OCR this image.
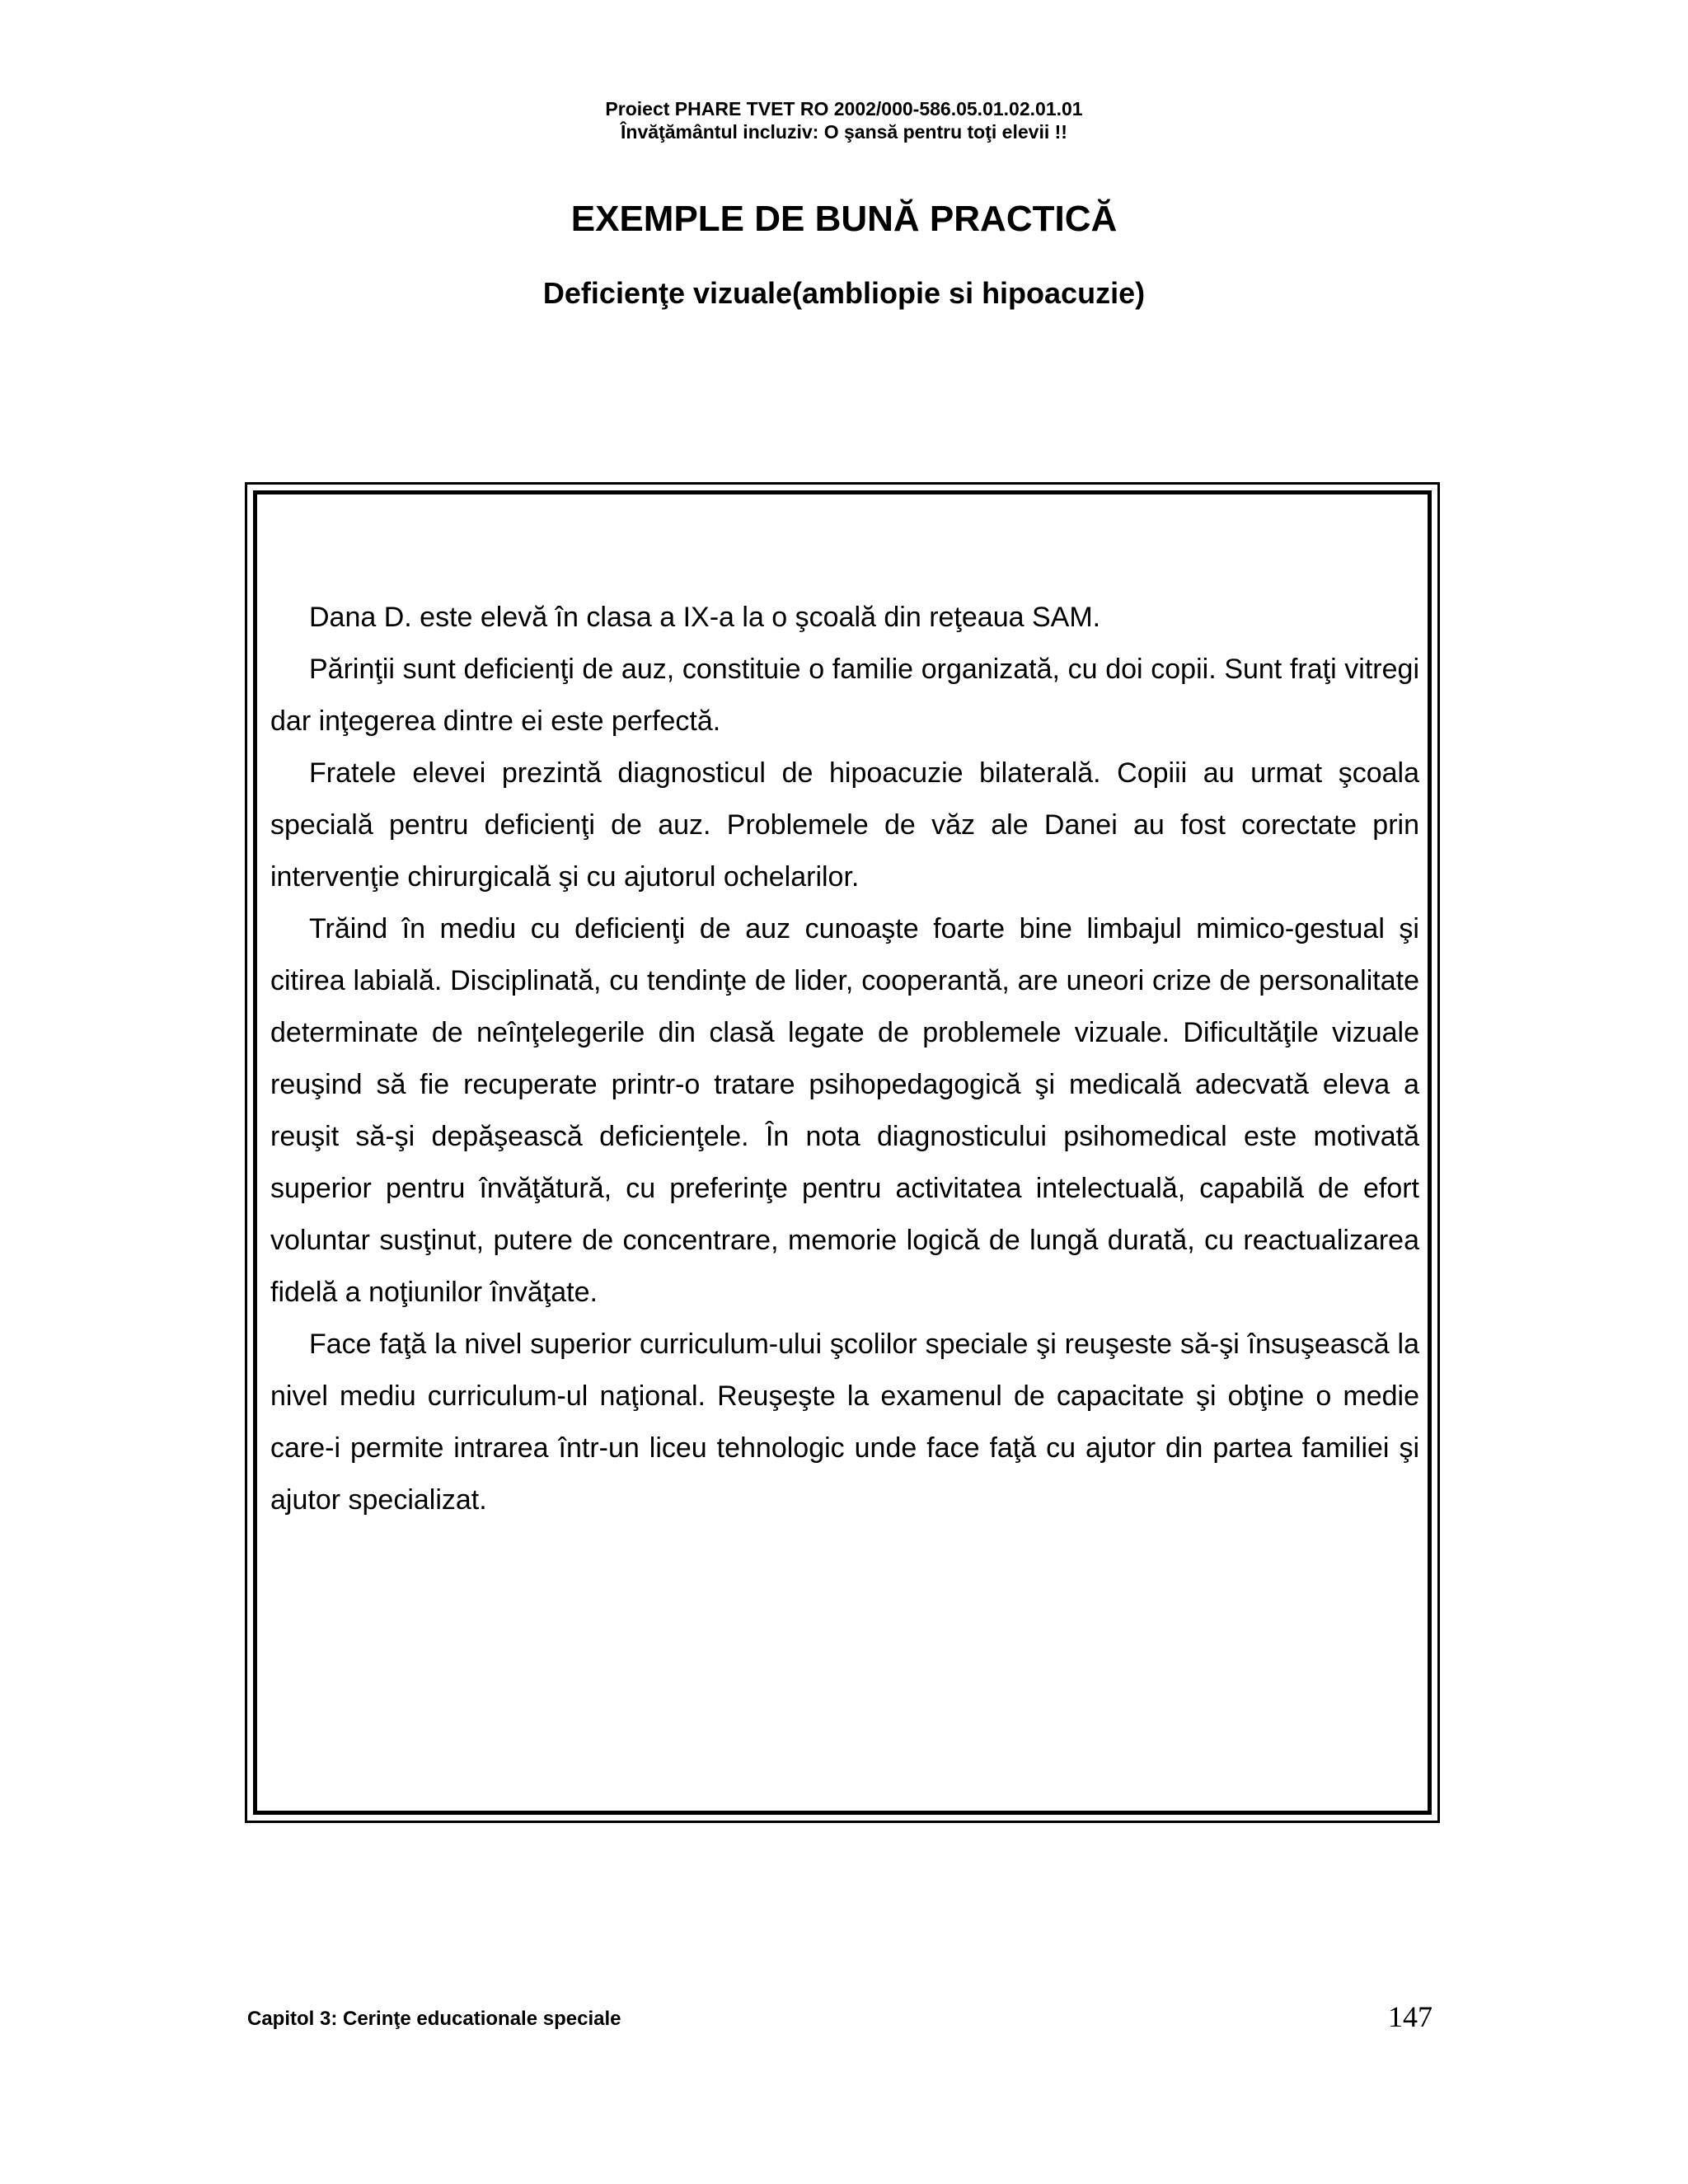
Proiect PHARE TVET RO 2002/000-586.05.01.02.01.01
Învăţământul incluziv: O şansă pentru toţi elevii !!
EXEMPLE DE BUNĂ PRACTICĂ
Deficienţe vizuale(ambliopie si hipoacuzie)

Dana D. este elevă în clasa a IX-a la o şcoală din reţeaua SAM.

Părinţii sunt deficienţi de auz, constituie o familie organizată, cu doi copii. Sunt fraţi vitregi dar inţegerea dintre ei este perfectă.

Fratele elevei prezintă diagnosticul de hipoacuzie bilaterală. Copiii au urmat şcoala specială pentru deficienţi de auz. Problemele de văz ale Danei au fost corectate prin intervenţie chirurgicală şi cu ajutorul ochelarilor.

Trăind în mediu cu deficienţi de auz cunoaşte foarte bine limbajul mimico-gestual şi citirea labială. Disciplinată, cu tendinţe de lider, cooperantă, are uneori crize de personalitate determinate de neînţelegerile din clasă legate de problemele vizuale. Dificultăţile vizuale reuşind să fie recuperate printr-o tratare psihopedagogică şi medicală adecvată eleva a reuşit să-şi depăşească deficienţele. În nota diagnosticului psihomedical este motivată superior pentru învăţătură, cu preferinţe pentru activitatea intelectuală, capabilă de efort voluntar susţinut, putere de concentrare, memorie logică de lungă durată, cu reactualizarea fidelă a noţiunilor învăţate.

Face faţă la nivel superior curriculum-ului şcolilor speciale şi reuşeste să-şi însuşească la nivel mediu curriculum-ul naţional. Reuşeşte la examenul de capacitate şi obţine o medie care-i permite intrarea într-un liceu tehnologic unde face faţă cu ajutor din partea familiei şi ajutor specializat.

Capitol 3: Cerinţe educationale speciale	147
